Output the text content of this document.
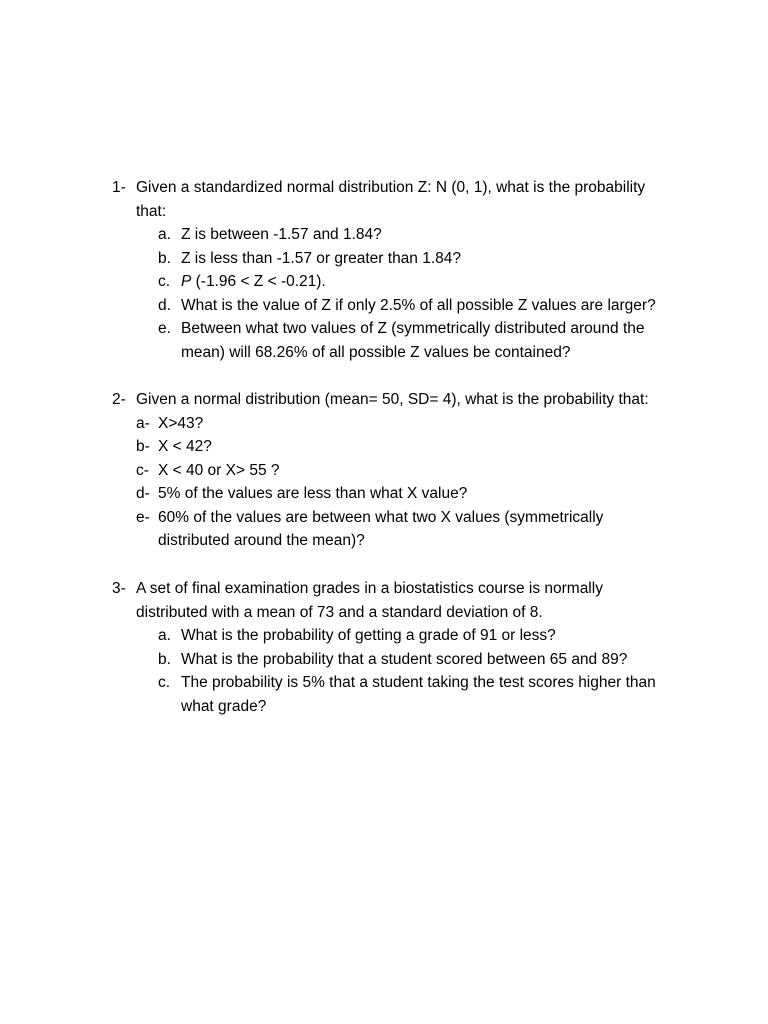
1- Given a standardized normal distribution Z: N (0, 1), what is the probability
that:
a. Z is between -1.57 and 1.84?
b. Z is less than -1.57 or greater than 1.84?
c. P (-1.96 < Z < -0.21).
d. What is the value of Z if only 2.5% of all possible Z values are larger?
e. Between what two values of Z (symmetrically distributed around the
mean) will 68.26% of all possible Z values be contained?
2- Given a normal distribution (mean= 50, SD= 4), what is the probability that:
a- X>43?
b- X < 42?
c- X < 40 or X> 55 ?
d- 5% of the values are less than what X value?
e- 60% of the values are between what two X values (symmetrically
distributed around the mean)?
3- A set of final examination grades in a biostatistics course is normally
distributed with a mean of 73 and a standard deviation of 8.
a. What is the probability of getting a grade of 91 or less?
b. What is the probability that a student scored between 65 and 89?
c. The probability is 5% that a student taking the test scores higher than
what grade?
